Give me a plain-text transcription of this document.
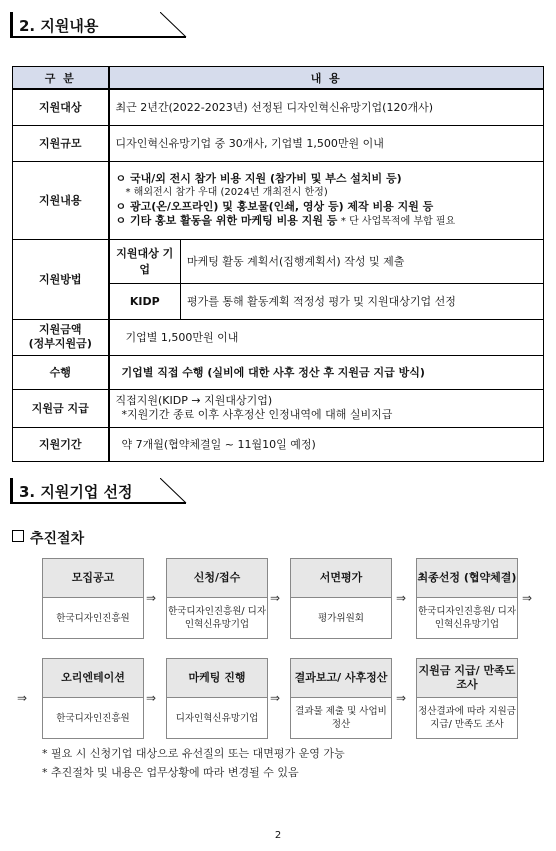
2. 지원내용
구 분	내 용	
지원대상	최근 2년간(2022-2023년) 선정된 디자인혁신유망기업(120개사)	
지원규모	디자인혁신유망기업 중 30개사, 기업별 1,500만원 이내	
지원내용	ㅇ 국내/외 전시 참가 비용 지원 (참가비 및 부스 설치비 등)
* 해외전시 참가 우대 (2024년 개최전시 한정)
ㅇ 광고(온/오프라인) 및 홍보물(인쇄, 영상 등) 제작 비용 지원 등
ㅇ 기타 홍보 활동을 위한 마케팅 비용 지원 등 * 단 사업목적에 부합 필요	

지원방법	지원대상 기업	마케팅 활동 계획서(집행계획서) 작성 및 제출
	KIDP	평가를 통해 활동계획 적정성 평가 및 지원대상기업 선정

지원금액
(정부지원금)	기업별 1,500만원 이내	
수행	기업별 직접 수행 (실비에 대한 사후 정산 후 지원금 지급 방식)	
지원금 지급	직접지원(KIDP → 지원대상기업)
*지원기간 종료 이후 사후정산 인정내역에 대해 실비지급	

지원기간	약 7개월(협약체결일 ~ 11월10일 예정)	
3. 지원기업 선정
추진절차
모집공고
한국디자인진흥원
⇒
신청/접수
한국디자인진흥원/ 디자인혁신유망기업
⇒
서면평가
평가위원회
⇒
최종선정 (협약체결)
한국디자인진흥원/ 디자인혁신유망기업
⇒
⇒
오리엔테이션
한국디자인진흥원
⇒
마케팅 진행
디자인혁신유망기업
⇒
결과보고/ 사후정산
결과물 제출 및 사업비 정산
⇒
지원금 지급/ 만족도조사
정산결과에 따라 지원금 지급/ 만족도 조사
* 필요 시 신청기업 대상으로 유선질의 또는 대면평가 운영 가능
* 추진절차 및 내용은 업무상황에 따라 변경될 수 있음
2
